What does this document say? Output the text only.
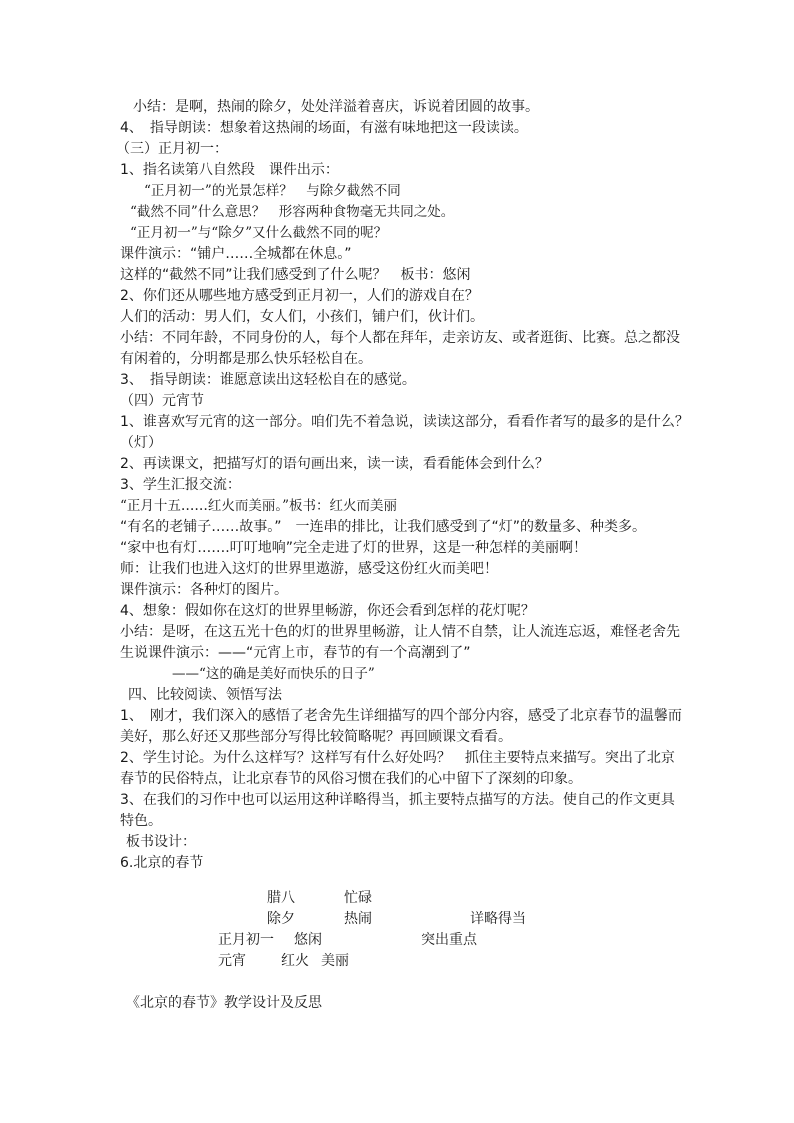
小结：是啊，热闹的除夕，处处洋溢着喜庆，诉说着团圆的故事。
4、　指导朗读：想象着这热闹的场面，有滋有味地把这一段读读。
（三）正月初一：
1、指名读第八自然段　课件出示：
“正月初一”的光景怎样？　与除夕截然不同
“截然不同”什么意思？　形容两种食物毫无共同之处。
“正月初一”与“除夕”又什么截然不同的呢？
课件演示：“铺户……全城都在休息。”
这样的“截然不同”让我们感受到了什么呢？　板书：悠闲
2、你们还从哪些地方感受到正月初一，人们的游戏自在？
人们的活动：男人们，女人们，小孩们，铺户们，伙计们。
小结：不同年龄，不同身份的人，每个人都在拜年，走亲访友、或者逛街、比赛。总之都没
有闲着的，分明都是那么快乐轻松自在。
3、　指导朗读：谁愿意读出这轻松自在的感觉。
（四）元宵节
1、谁喜欢写元宵的这一部分。咱们先不着急说，读读这部分，看看作者写的最多的是什么？
（灯）
2、再读课文，把描写灯的语句画出来，读一读，看看能体会到什么？
3、学生汇报交流：
“正月十五……红火而美丽。”板书：红火而美丽
“有名的老铺子……故事。”　一连串的排比，让我们感受到了“灯”的数量多、种类多。
“家中也有灯…….叮叮地响”完全走进了灯的世界，这是一种怎样的美丽啊！
师：让我们也进入这灯的世界里遨游，感受这份红火而美吧！
课件演示：各种灯的图片。
4、想象：假如你在这灯的世界里畅游，你还会看到怎样的花灯呢？
小结：是呀，在这五光十色的灯的世界里畅游，让人情不自禁，让人流连忘返，难怪老舍先
生说课件演示：——“元宵上市，春节的有一个高潮到了”
——“这的确是美好而快乐的日子”
四、比较阅读、领悟写法
1、　刚才，我们深入的感悟了老舍先生详细描写的四个部分内容，感受了北京春节的温馨而
美好，那么好还又那些部分写得比较简略呢？再回顾课文看看。
2、学生讨论。为什么这样写？这样写有什么好处吗？　抓住主要特点来描写。突出了北京
春节的民俗特点，让北京春节的风俗习惯在我们的心中留下了深刻的印象。
3、在我们的习作中也可以运用这种详略得当，抓主要特点描写的方法。使自己的作文更具
特色。
板书设计：
6.北京的春节
腊八	忙碌
除夕	热闹	详略得当
正月初一 悠闲	突出重点
元宵	红火 美丽
《北京的春节》教学设计及反思
